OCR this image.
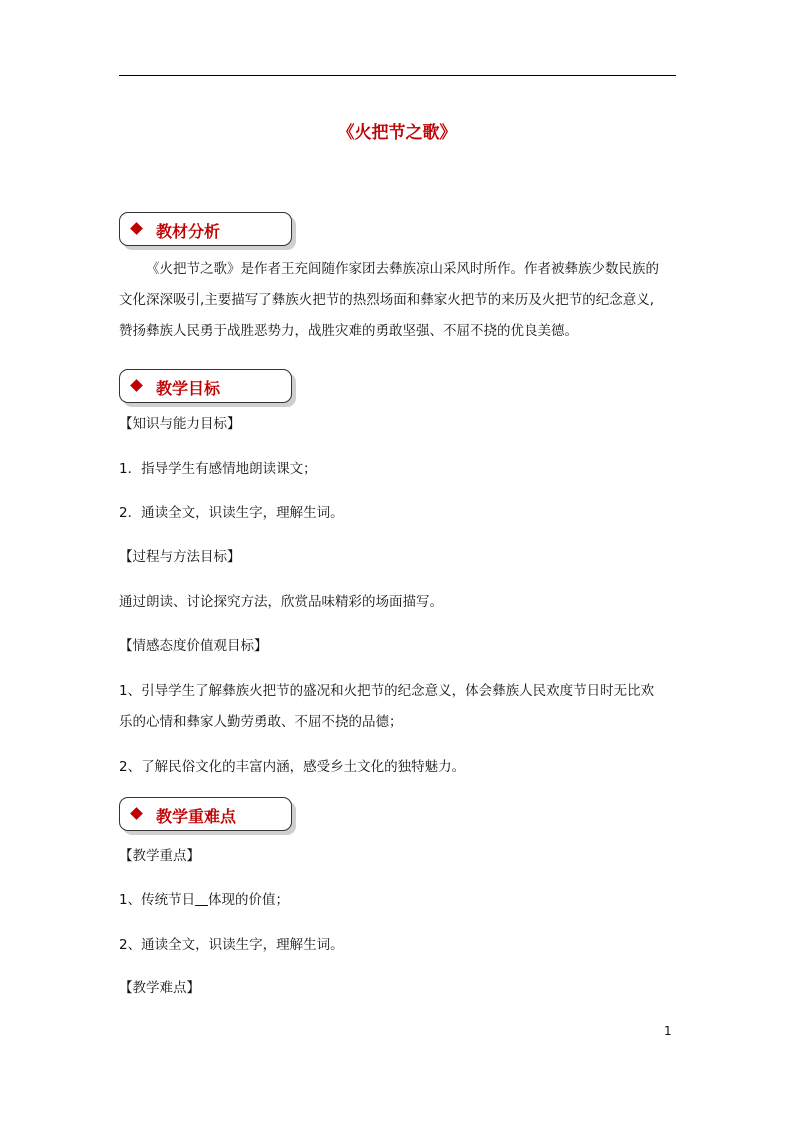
《火把节之歌》
教材分析
《火把节之歌》是作者王充闾随作家团去彝族凉山采风时所作。作者被彝族少数民族的
文化深深吸引,主要描写了彝族火把节的热烈场面和彝家火把节的来历及火把节的纪念意义,
赞扬彝族人民勇于战胜恶势力，战胜灾难的勇敢坚强、不屈不挠的优良美德。
教学目标
【知识与能力目标】
1．指导学生有感情地朗读课文；
2．通读全文，识读生字，理解生词。
【过程与方法目标】
通过朗读、讨论探究方法，欣赏品味精彩的场面描写。
【情感态度价值观目标】
1、引导学生了解彝族火把节的盛况和火把节的纪念意义，体会彝族人民欢度节日时无比欢
乐的心情和彝家人勤劳勇敢、不屈不挠的品德；
2、了解民俗文化的丰富内涵，感受乡土文化的独特魅力。
教学重难点
【教学重点】
1、传统节日 体现的价值；
2、通读全文，识读生字，理解生词。
【教学难点】
1
